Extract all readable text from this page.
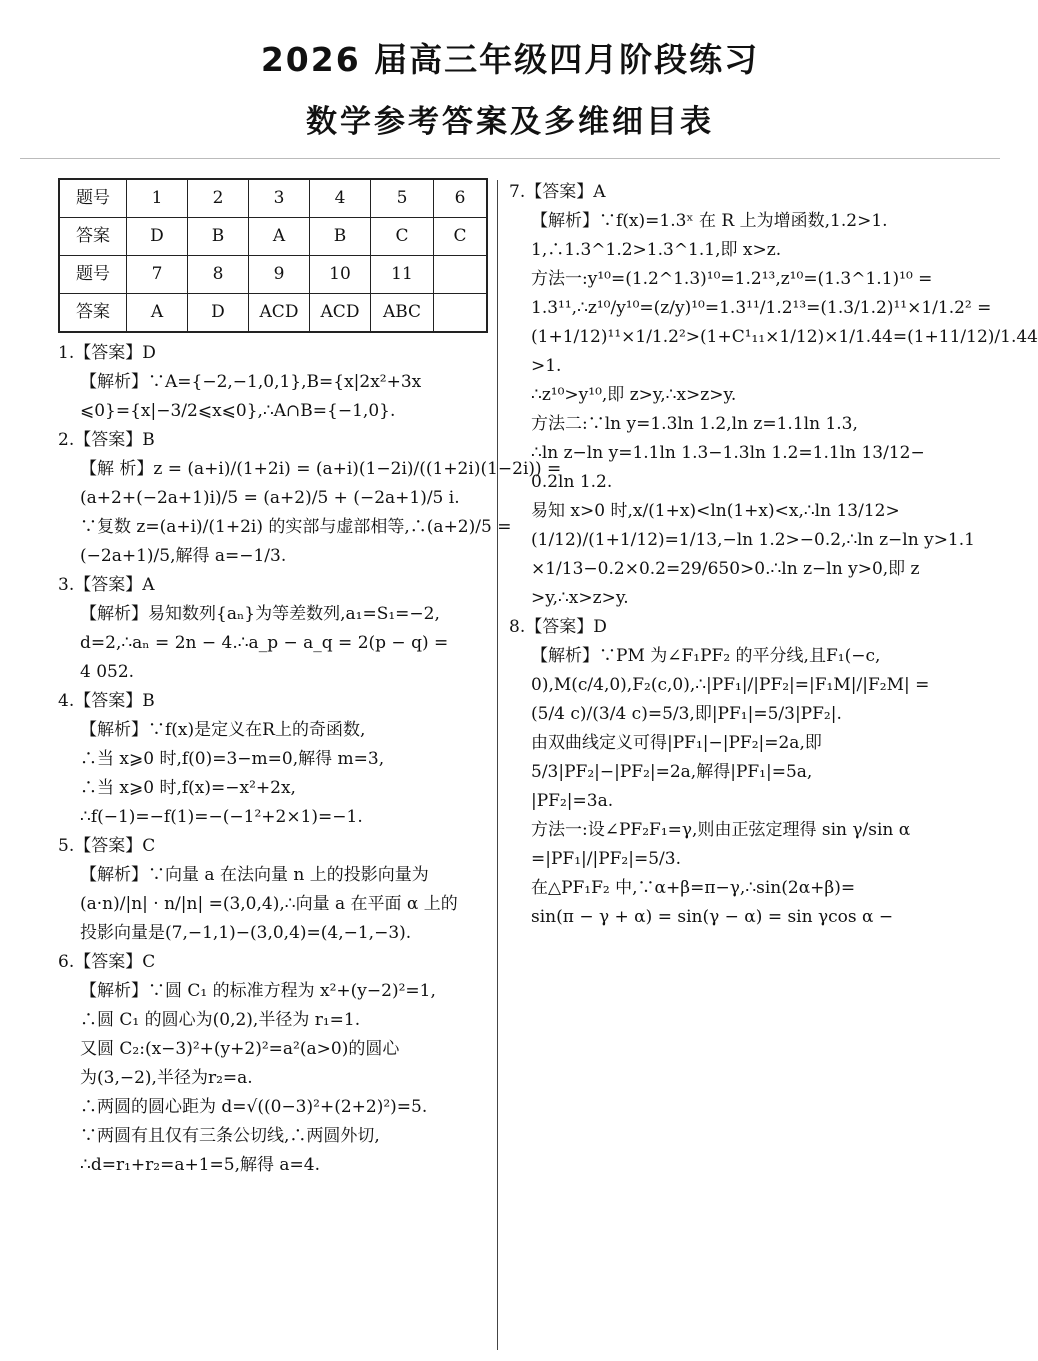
2026 届高三年级四月阶段练习
数学参考答案及多维细目表
题号	1	2	3	4	5	6
答案	D	B	A	B	C	C
题号	7	8	9	10	11	
答案	A	D	ACD	ACD	ABC	
1.【答案】D
【解析】∵A={−2,−1,0,1},B={x|2x²+3x
⩽0}={x|−3/2⩽x⩽0},∴A∩B={−1,0}.
2.【答案】B
【解 析】z = (a+i)/(1+2i) = (a+i)(1−2i)/((1+2i)(1−2i)) =
(a+2+(−2a+1)i)/5 = (a+2)/5 + (−2a+1)/5 i.
∵复数 z=(a+i)/(1+2i) 的实部与虚部相等,∴(a+2)/5 =
(−2a+1)/5,解得 a=−1/3.
3.【答案】A
【解析】易知数列{aₙ}为等差数列,a₁=S₁=−2,
d=2,∴aₙ = 2n − 4.∴a_p − a_q = 2(p − q) =
4 052.
4.【答案】B
【解析】∵f(x)是定义在R上的奇函数,
∴当 x⩾0 时,f(0)=3−m=0,解得 m=3,
∴当 x⩾0 时,f(x)=−x²+2x,
∴f(−1)=−f(1)=−(−1²+2×1)=−1.
5.【答案】C
【解析】∵向量 a 在法向量 n 上的投影向量为
(a·n)/|n| · n/|n| =(3,0,4),∴向量 a 在平面 α 上的
投影向量是(7,−1,1)−(3,0,4)=(4,−1,−3).
6.【答案】C
【解析】∵圆 C₁ 的标准方程为 x²+(y−2)²=1,
∴圆 C₁ 的圆心为(0,2),半径为 r₁=1.
又圆 C₂:(x−3)²+(y+2)²=a²(a>0)的圆心
为(3,−2),半径为r₂=a.
∴两圆的圆心距为 d=√((0−3)²+(2+2)²)=5.
∵两圆有且仅有三条公切线,∴两圆外切,
∴d=r₁+r₂=a+1=5,解得 a=4.
7.【答案】A
【解析】∵f(x)=1.3ˣ 在 R 上为增函数,1.2>1.
1,∴1.3^1.2>1.3^1.1,即 x>z.
方法一:y¹⁰=(1.2^1.3)¹⁰=1.2¹³,z¹⁰=(1.3^1.1)¹⁰ =
1.3¹¹,∴z¹⁰/y¹⁰=(z/y)¹⁰=1.3¹¹/1.2¹³=(1.3/1.2)¹¹×1/1.2² =
(1+1/12)¹¹×1/1.2²>(1+C¹₁₁×1/12)×1/1.44=(1+11/12)/1.44
>1.
∴z¹⁰>y¹⁰,即 z>y,∴x>z>y.
方法二:∵ln y=1.3ln 1.2,ln z=1.1ln 1.3,
∴ln z−ln y=1.1ln 1.3−1.3ln 1.2=1.1ln 13/12−
0.2ln 1.2.
易知 x>0 时,x/(1+x)<ln(1+x)<x,∴ln 13/12>
(1/12)/(1+1/12)=1/13,−ln 1.2>−0.2,∴ln z−ln y>1.1
×1/13−0.2×0.2=29/650>0.∴ln z−ln y>0,即 z
>y,∴x>z>y.
8.【答案】D
【解析】∵PM 为∠F₁PF₂ 的平分线,且F₁(−c,
0),M(c/4,0),F₂(c,0),∴|PF₁|/|PF₂|=|F₁M|/|F₂M| =
(5/4 c)/(3/4 c)=5/3,即|PF₁|=5/3|PF₂|.
由双曲线定义可得|PF₁|−|PF₂|=2a,即
5/3|PF₂|−|PF₂|=2a,解得|PF₁|=5a,
|PF₂|=3a.
方法一:设∠PF₂F₁=γ,则由正弦定理得 sin γ/sin α
=|PF₁|/|PF₂|=5/3.
在△PF₁F₂ 中,∵α+β=π−γ,∴sin(2α+β)=
sin(π − γ + α) = sin(γ − α) = sin γcos α −
